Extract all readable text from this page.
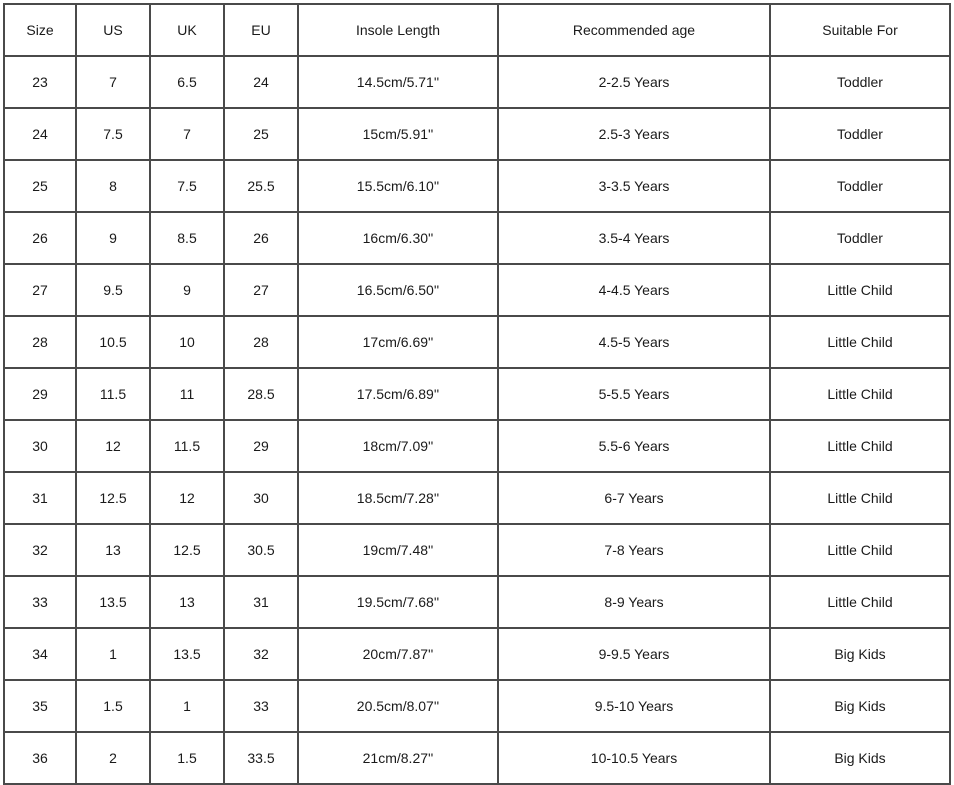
Size	US	UK	EU	Insole Length	Recommended age	Suitable For
23	7	6.5	24	14.5cm/5.71''	2-2.5 Years	Toddler
24	7.5	7	25	15cm/5.91''	2.5-3 Years	Toddler
25	8	7.5	25.5	15.5cm/6.10''	3-3.5 Years	Toddler
26	9	8.5	26	16cm/6.30''	3.5-4 Years	Toddler
27	9.5	9	27	16.5cm/6.50''	4-4.5 Years	Little Child
28	10.5	10	28	17cm/6.69''	4.5-5 Years	Little Child
29	11.5	11	28.5	17.5cm/6.89''	5-5.5 Years	Little Child
30	12	11.5	29	18cm/7.09''	5.5-6 Years	Little Child
31	12.5	12	30	18.5cm/7.28''	6-7 Years	Little Child
32	13	12.5	30.5	19cm/7.48''	7-8 Years	Little Child
33	13.5	13	31	19.5cm/7.68''	8-9 Years	Little Child
34	1	13.5	32	20cm/7.87''	9-9.5 Years	Big Kids
35	1.5	1	33	20.5cm/8.07''	9.5-10 Years	Big Kids
36	2	1.5	33.5	21cm/8.27''	10-10.5 Years	Big Kids
